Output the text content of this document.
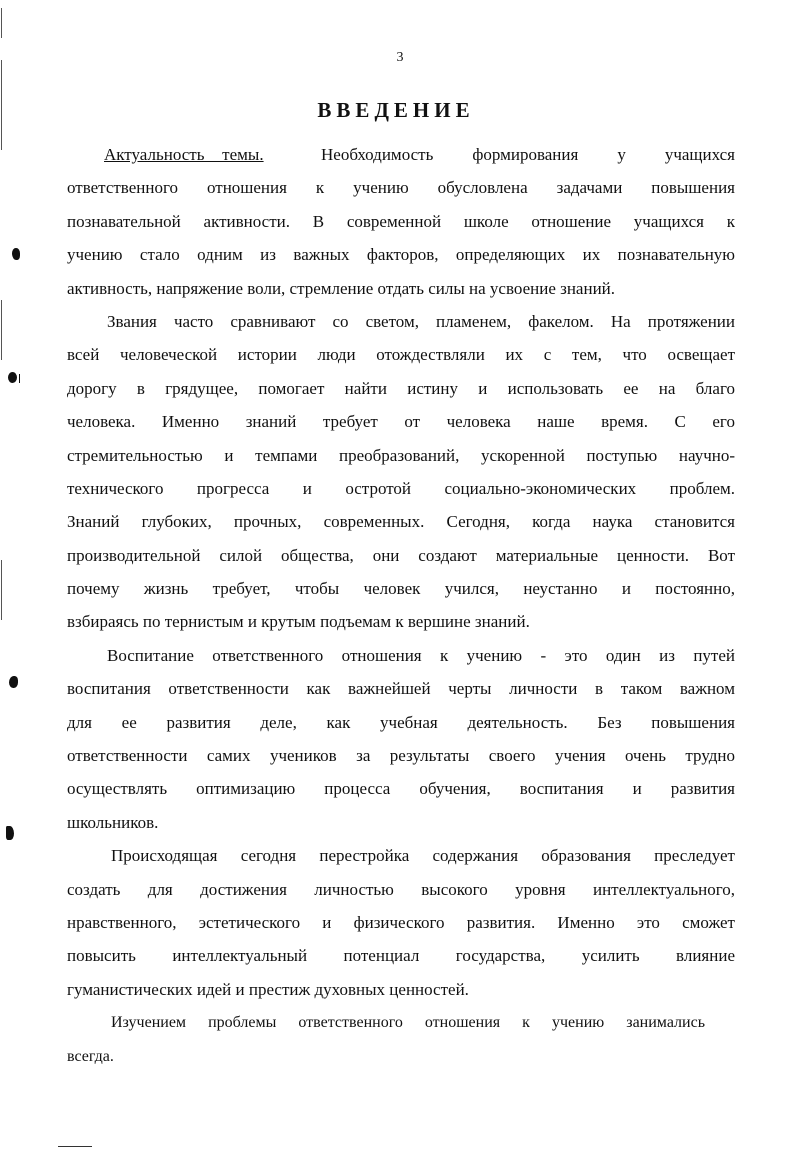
3
ВВЕДЕНИЕ
Актуальность темы.	Необходимость формирования у учащихся
ответственного отношения к учению обусловлена задачами повышения
познавательной активности. В современной школе отношение учащихся к
учению стало одним из важных факторов, определяющих их познавательную
активность, напряжение воли, стремление отдать силы на усвоение знаний.
Звания часто сравнивают со светом, пламенем, факелом. На протяжении
всей человеческой истории люди отождествляли их с тем, что освещает
дорогу в грядущее, помогает найти истину и использовать ее на благо
человека. Именно знаний требует от человека наше время. С его
стремительностью и темпами преобразований, ускоренной поступью научно-
технического прогресса и остротой социально-экономических проблем.
Знаний глубоких, прочных, современных. Сегодня, когда наука становится
производительной силой общества, они создают материальные ценности. Вот
почему жизнь требует, чтобы человек учился, неустанно и постоянно,
взбираясь по тернистым и крутым подъемам к вершине знаний.
Воспитание ответственного отношения к учению - это один из путей
воспитания ответственности как важнейшей черты личности в таком важном
для ее развития деле, как учебная деятельность. Без повышения
ответственности самих учеников за результаты своего учения очень трудно
осуществлять оптимизацию процесса обучения, воспитания и развития
школьников.
Происходящая сегодня перестройка содержания образования преследует
создать для достижения личностью высокого уровня интеллектуального,
нравственного, эстетического и физического развития. Именно это сможет
повысить интеллектуальный потенциал государства, усилить влияние
гуманистических идей и престиж духовных ценностей.
Изучением проблемы ответственного отношения к учению занимались
всегда.
